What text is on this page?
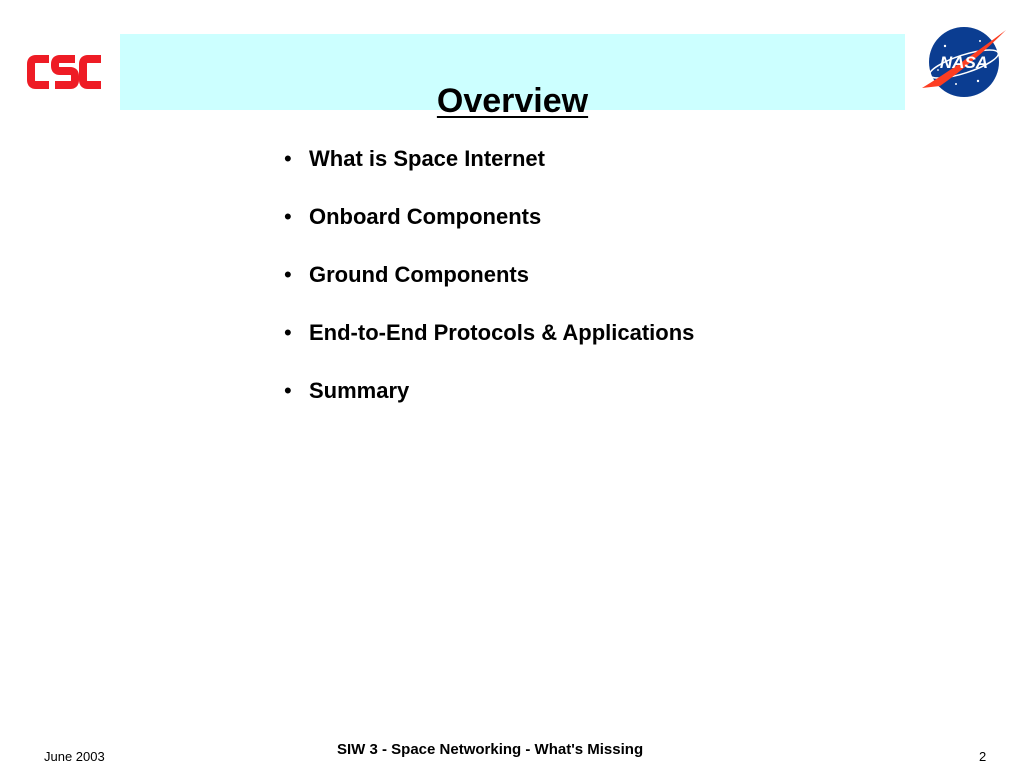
Overview
NASA
• What is Space Internet
• Onboard Components
• Ground Components
• End-to-End Protocols & Applications
• Summary
June 2003	SIW 3 - Space Networking - What's Missing	2
